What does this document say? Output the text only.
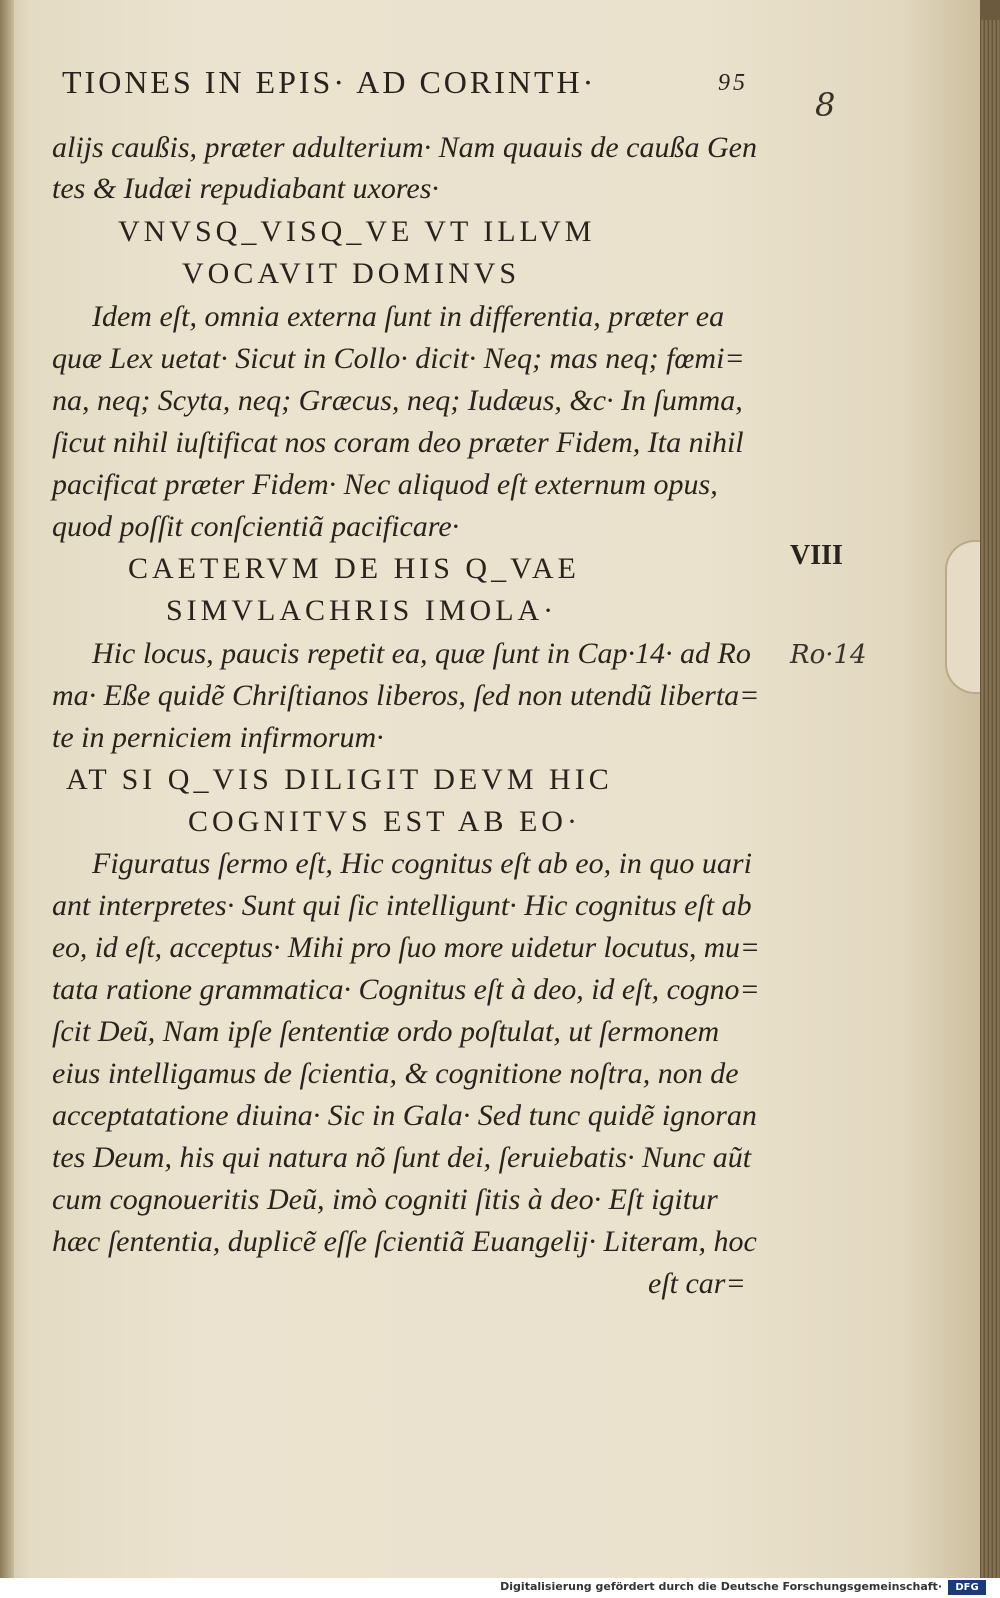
TIONES IN EPIS· AD CORINTH·	95
8
alijs caußis, præter adulterium· Nam quauis de caußa Gen
tes & Iudæi repudiabant uxores·
VNVSQ_VISQ_VE VT ILLVM
VOCAVIT DOMINVS
Idem eſt, omnia externa ſunt in differentia, præter ea
quæ Lex uetat· Sicut in Collo· dicit· Neq; mas neq; fœmi=
na, neq; Scyta, neq; Græcus, neq; Iudæus, &c· In ſumma,
ſicut nihil iuſtificat nos coram deo præter Fidem, Ita nihil
pacificat præter Fidem· Nec aliquod eſt externum opus,
quod poſſit conſcientiã pacificare·
CAETERVM DE HIS Q_VAE
SIMVLACHRIS IMOLA·
Hic locus, paucis repetit ea, quæ ſunt in Cap·14· ad Ro
ma· Eßе quidẽ Chriſtianos liberos, ſed non utendũ liberta=
te in perniciem infirmorum·
AT SI Q_VIS DILIGIT DEVM HIC
COGNITVS EST AB EO·
Figuratus ſermo eſt, Hic cognitus eſt ab eo, in quo uari
ant interpretes· Sunt qui ſic intelligunt· Hic cognitus eſt ab
eo, id eſt, acceptus· Mihi pro ſuo more uidetur locutus, mu=
tata ratione grammatica· Cognitus eſt à deo, id eſt, cogno=
ſcit Deũ, Nam ipſe ſententiæ ordo poſtulat, ut ſermonem
eius intelligamus de ſcientia, & cognitione noſtra, non de
acceptatatione diuina· Sic in Gala· Sed tunc quidẽ ignoran
tes Deum, his qui natura nõ ſunt dei, ſeruiebatis· Nunc aũt
cum cognoueritis Deũ, imò cogniti ſitis à deo· Eſt igitur
hæc ſententia, duplicẽ eſſe ſcientiã Euangelij· Literam, hoc
eſt car=
VIII
Ro·14
Digitalisierung gefördert durch die Deutsche Forschungsgemeinschaft·	DFG
